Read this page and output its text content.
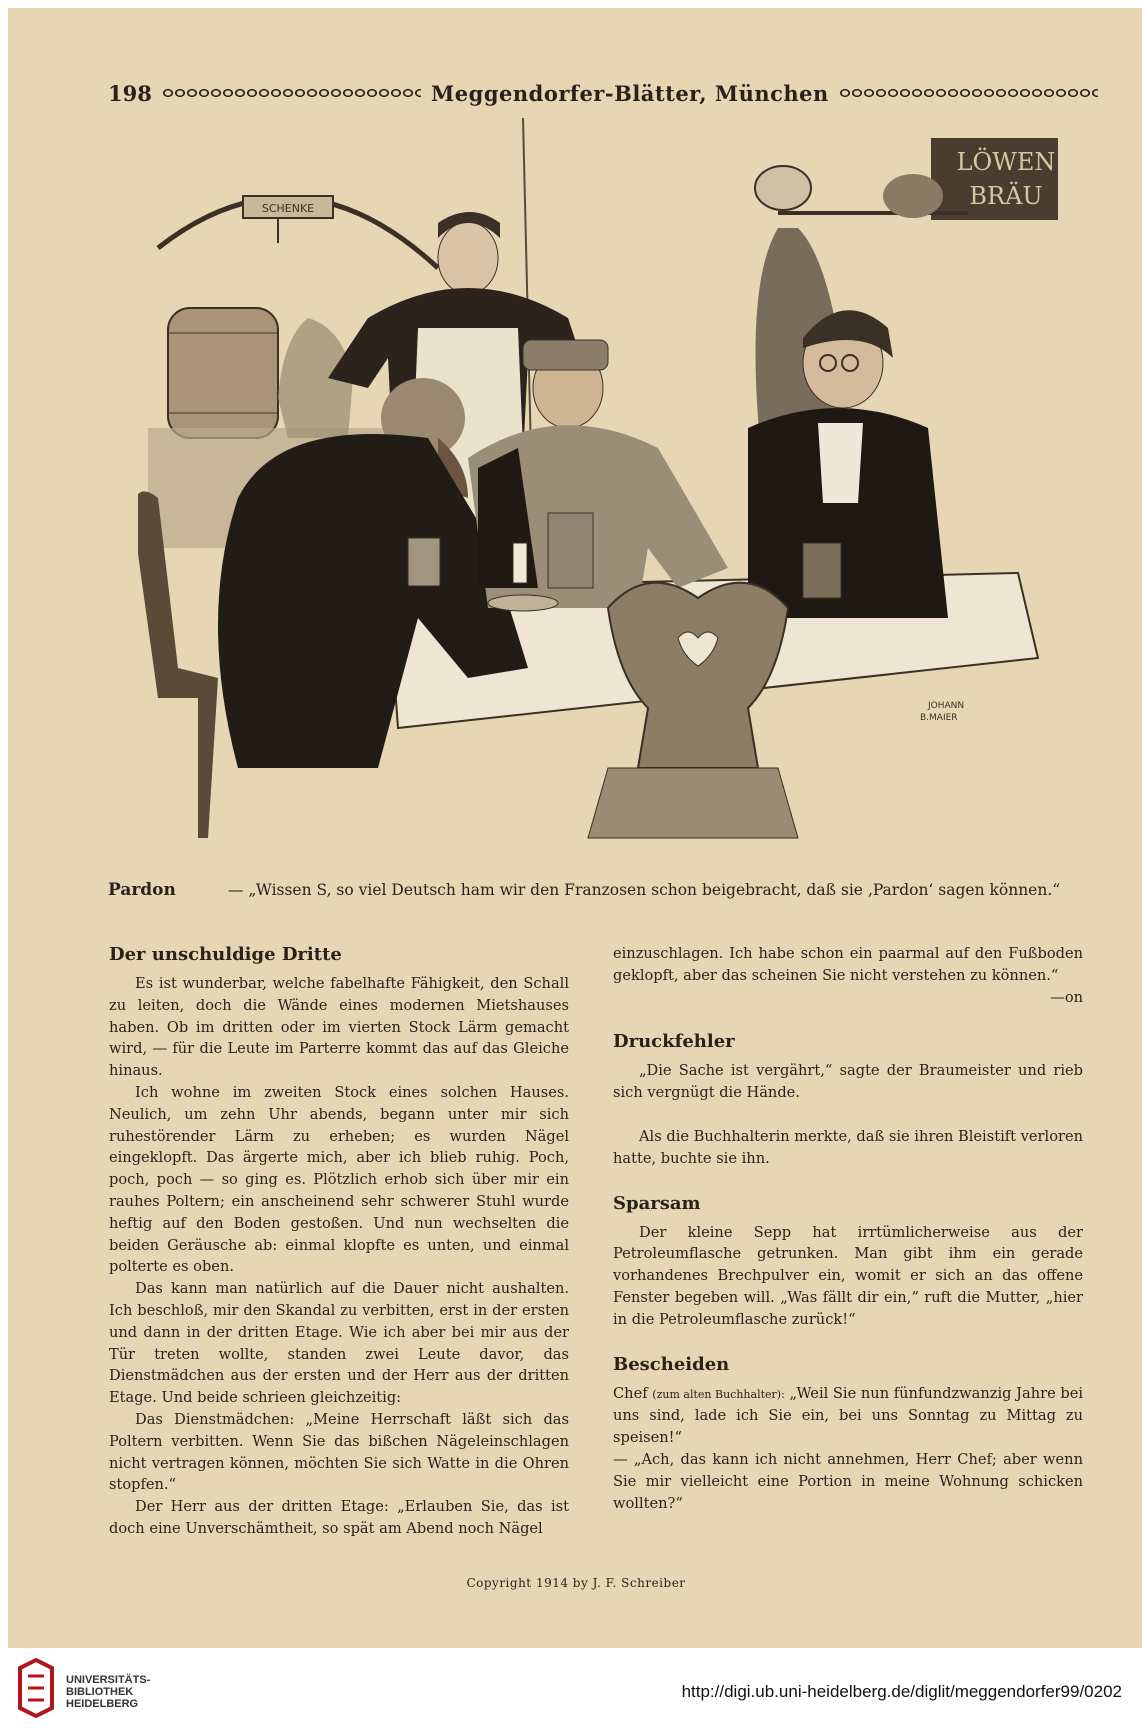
198	Meggendorfer-Blätter, München
SCHENKE
LÖWEN
BRÄU
JOHANN
B.MAIER
Pardon	— „Wissen S, so viel Deutsch ham wir den Franzosen schon beigebracht, daß sie ‚Pardon‘ sagen können.“
Der unschuldige Dritte

Es ist wunderbar, welche fabelhafte Fähigkeit, den Schall zu leiten, doch die Wände eines modernen Mietshauses haben. Ob im dritten oder im vierten Stock Lärm gemacht wird, — für die Leute im Parterre kommt das auf das Gleiche hinaus.

Ich wohne im zweiten Stock eines solchen Hauses. Neulich, um zehn Uhr abends, begann unter mir sich ruhestörender Lärm zu erheben; es wurden Nägel eingeklopft. Das ärgerte mich, aber ich blieb ruhig. Poch, poch, poch — so ging es. Plötzlich erhob sich über mir ein rauhes Poltern; ein anscheinend sehr schwerer Stuhl wurde heftig auf den Boden gestoßen. Und nun wechselten die beiden Geräusche ab: einmal klopfte es unten, und einmal polterte es oben.

Das kann man natürlich auf die Dauer nicht aushalten. Ich beschloß, mir den Skandal zu verbitten, erst in der ersten und dann in der dritten Etage. Wie ich aber bei mir aus der Tür treten wollte, standen zwei Leute davor, das Dienstmädchen aus der ersten und der Herr aus der dritten Etage. Und beide schrieen gleichzeitig:

Das Dienstmädchen: „Meine Herrschaft läßt sich das Poltern verbitten. Wenn Sie das bißchen Nägeleinschlagen nicht vertragen können, möchten Sie sich Watte in die Ohren stopfen.“

Der Herr aus der dritten Etage: „Erlauben Sie, das ist doch eine Unverschämtheit, so spät am Abend noch Nägel

einzuschlagen. Ich habe schon ein paarmal auf den Fußboden geklopft, aber das scheinen Sie nicht verstehen zu können.“

—on

Druckfehler

„Die Sache ist vergährt,“ sagte der Braumeister und rieb sich vergnügt die Hände.

Als die Buchhalterin merkte, daß sie ihren Bleistift verloren hatte, buchte sie ihn.

Sparsam

Der kleine Sepp hat irrtümlicherweise aus der Petroleumflasche getrunken. Man gibt ihm ein gerade vorhandenes Brechpulver ein, womit er sich an das offene Fenster begeben will. „Was fällt dir ein,“ ruft die Mutter, „hier in die Petroleumflasche zurück!“

Bescheiden

Chef (zum alten Buchhalter): „Weil Sie nun fünfundzwanzig Jahre bei uns sind, lade ich Sie ein, bei uns Sonntag zu Mittag zu speisen!“

— „Ach, das kann ich nicht annehmen, Herr Chef; aber wenn Sie mir vielleicht eine Portion in meine Wohnung schicken wollten?“

Copyright 1914 by J. F. Schreiber
UNIVERSITÄTS-
BIBLIOTHEK
HEIDELBERG
http://digi.ub.uni-heidelberg.de/diglit/meggendorfer99/0202
